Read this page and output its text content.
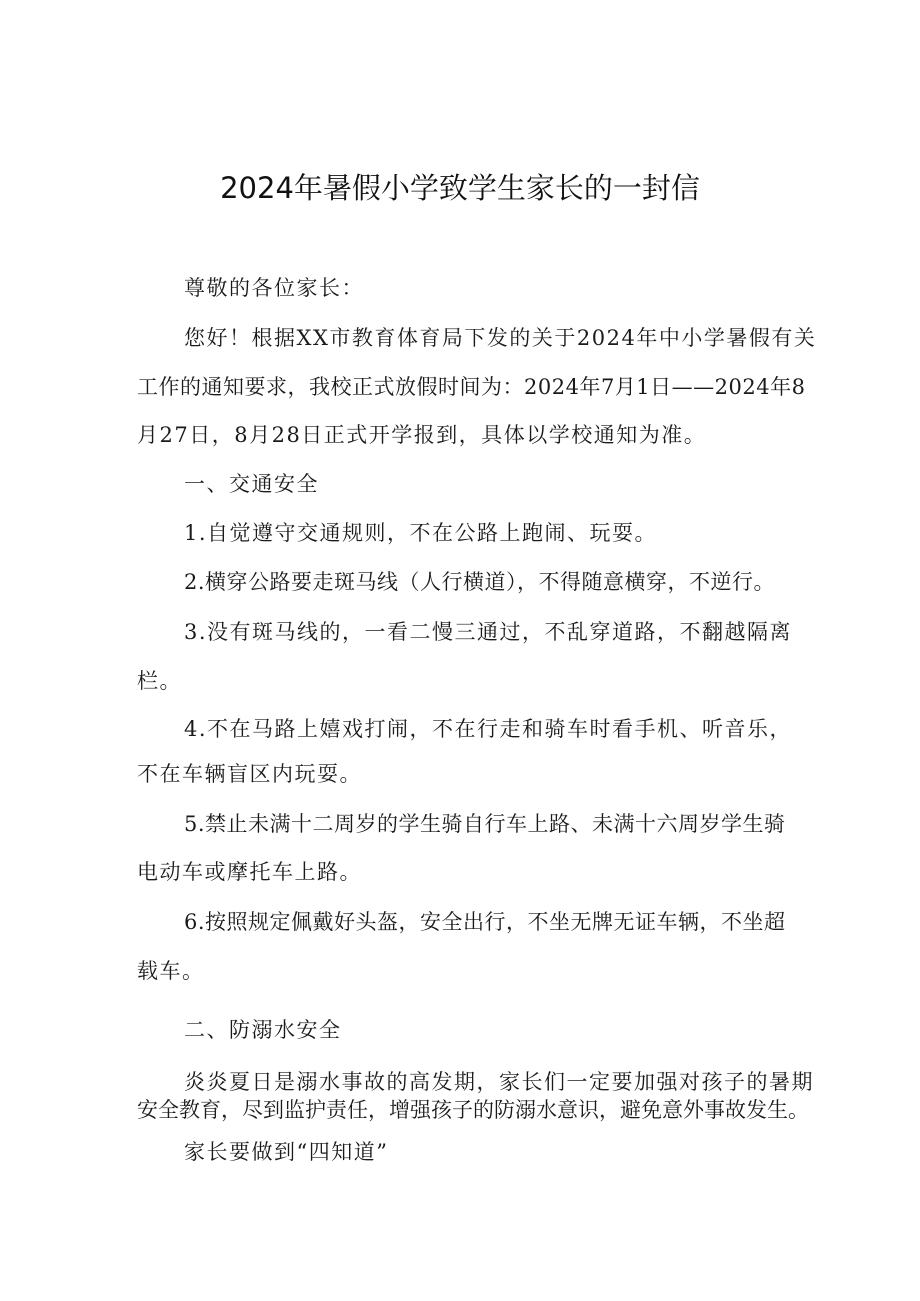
2024年暑假小学致学生家长的一封信
尊敬的各位家长：
您好！根据XX市教育体育局下发的关于2024年中小学暑假有关
工作的通知要求，我校正式放假时间为：2024年7月1日——2024年8
月27日，8月28日正式开学报到，具体以学校通知为准。
一、交通安全
1.自觉遵守交通规则，不在公路上跑闹、玩耍。
2.横穿公路要走斑马线（人行横道），不得随意横穿，不逆行。
3.没有斑马线的，一看二慢三通过，不乱穿道路，不翻越隔离
栏。
4.不在马路上嬉戏打闹，不在行走和骑车时看手机、听音乐，
不在车辆盲区内玩耍。
5.禁止未满十二周岁的学生骑自行车上路、未满十六周岁学生骑
电动车或摩托车上路。
6.按照规定佩戴好头盔，安全出行，不坐无牌无证车辆，不坐超
载车。
二、防溺水安全
炎炎夏日是溺水事故的高发期，家长们一定要加强对孩子的暑期
安全教育，尽到监护责任，增强孩子的防溺水意识，避免意外事故发生。
家长要做到“四知道”
